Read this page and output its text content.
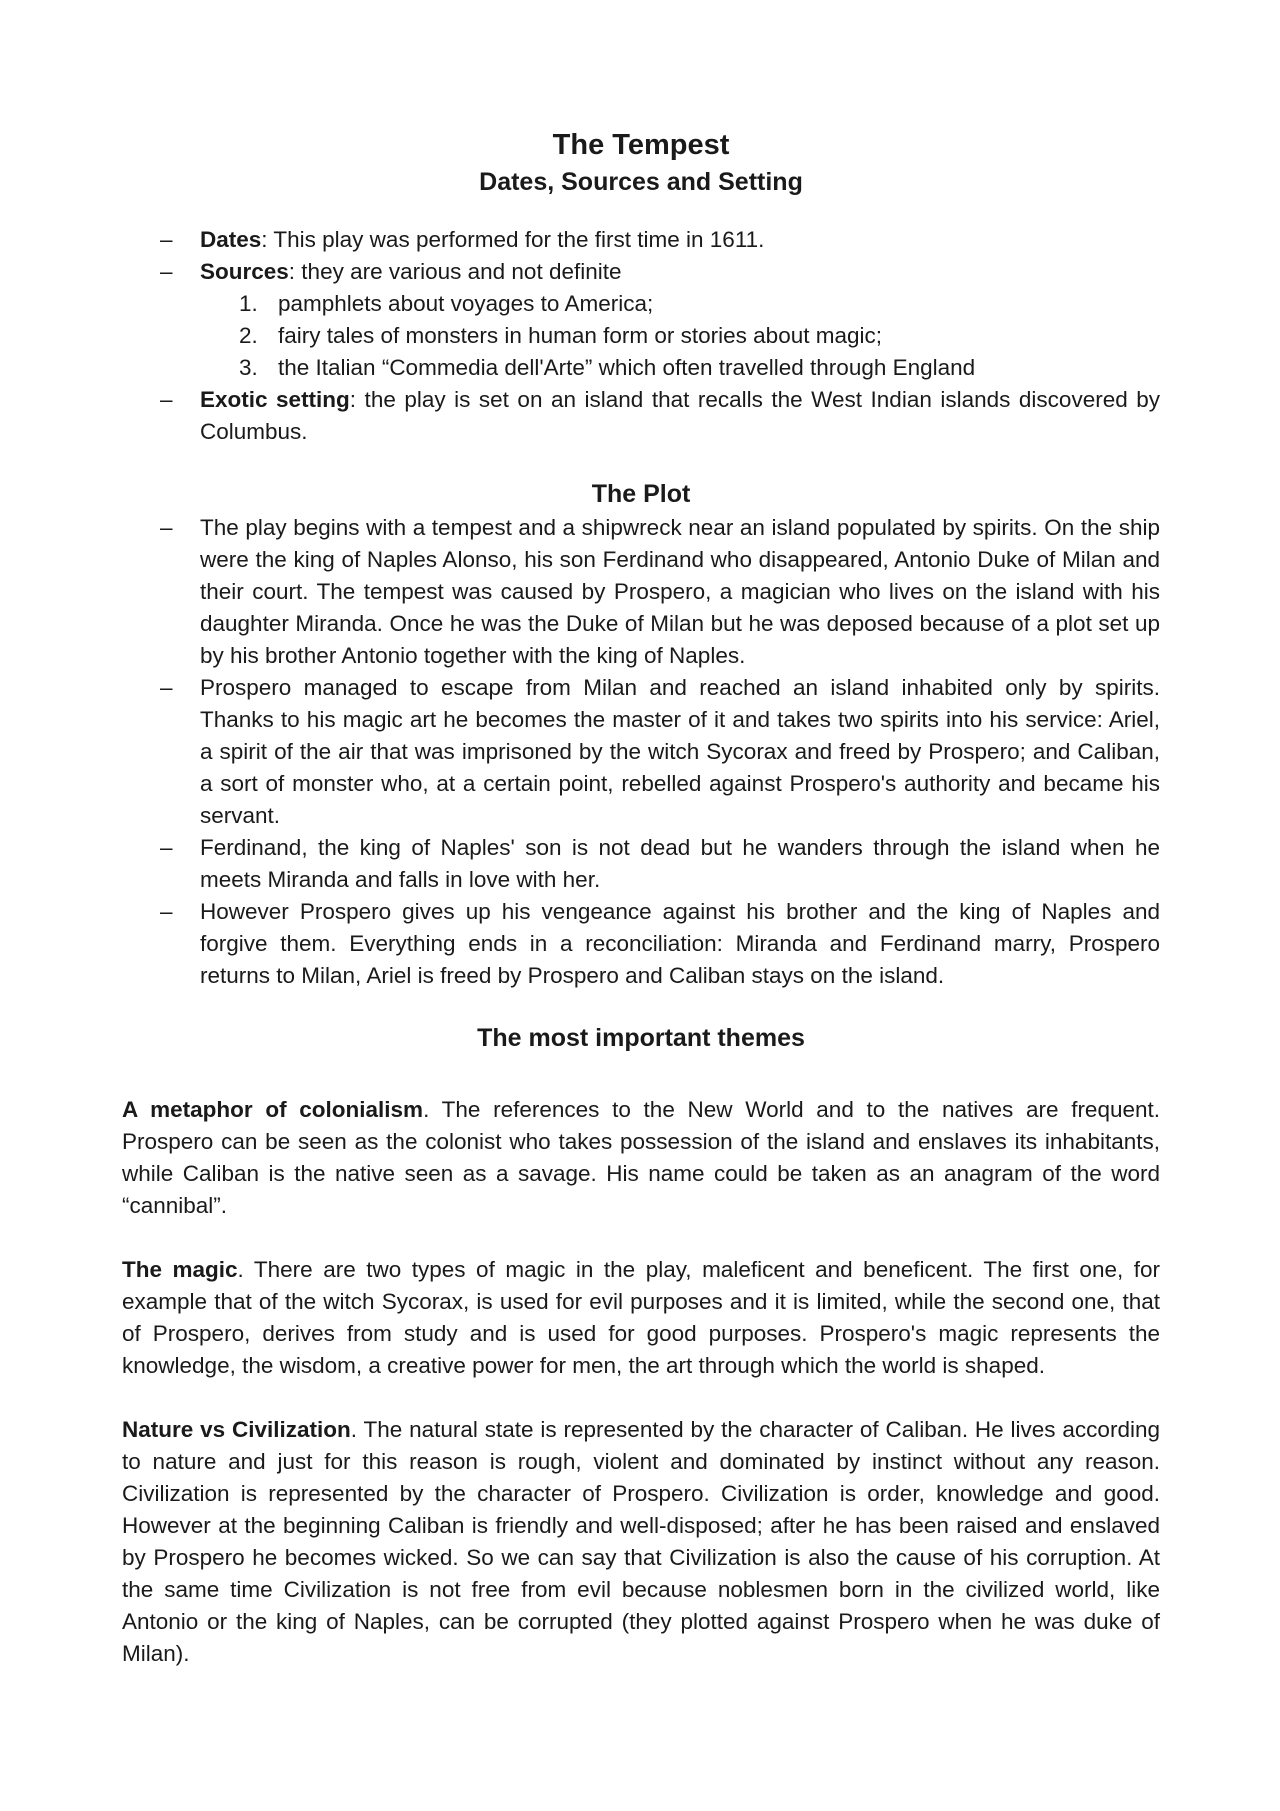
The Tempest
Dates, Sources and Setting
– Dates: This play was performed for the first time in 1611.
– Sources: they are various and not definite
1. pamphlets about voyages to America;
2. fairy tales of monsters in human form or stories about magic;
3. the Italian “Commedia dell'Arte” which often travelled through England
– Exotic setting: the play is set on an island that recalls the West Indian islands discovered by Columbus.
The Plot
– The play begins with a tempest and a shipwreck near an island populated by spirits. On the ship were the king of Naples Alonso, his son Ferdinand who disappeared, Antonio Duke of Milan and their court. The tempest was caused by Prospero, a magician who lives on the island with his daughter Miranda. Once he was the Duke of Milan but he was deposed because of a plot set up by his brother Antonio together with the king of Naples.
– Prospero managed to escape from Milan and reached an island inhabited only by spirits. Thanks to his magic art he becomes the master of it and takes two spirits into his service: Ariel, a spirit of the air that was imprisoned by the witch Sycorax and freed by Prospero; and Caliban, a sort of monster who, at a certain point, rebelled against Prospero's authority and became his servant.
– Ferdinand, the king of Naples' son is not dead but he wanders through the island when he meets Miranda and falls in love with her.
– However Prospero gives up his vengeance against his brother and the king of Naples and forgive them. Everything ends in a reconciliation: Miranda and Ferdinand marry, Prospero returns to Milan, Ariel is freed by Prospero and Caliban stays on the island.
The most important themes

A metaphor of colonialism. The references to the New World and to the natives are frequent. Prospero can be seen as the colonist who takes possession of the island and enslaves its inhabitants, while Caliban is the native seen as a savage. His name could be taken as an anagram of the word “cannibal”.

The magic. There are two types of magic in the play, maleficent and beneficent. The first one, for example that of the witch Sycorax, is used for evil purposes and it is limited, while the second one, that of Prospero, derives from study and is used for good purposes. Prospero's magic represents the knowledge, the wisdom, a creative power for men, the art through which the world is shaped.

Nature vs Civilization. The natural state is represented by the character of Caliban. He lives according to nature and just for this reason is rough, violent and dominated by instinct without any reason. Civilization is represented by the character of Prospero. Civilization is order, knowledge and good. However at the beginning Caliban is friendly and well-disposed; after he has been raised and enslaved by Prospero he becomes wicked. So we can say that Civilization is also the cause of his corruption. At the same time Civilization is not free from evil because noblesmen born in the civilized world, like Antonio or the king of Naples, can be corrupted (they plotted against Prospero when he was duke of Milan).
